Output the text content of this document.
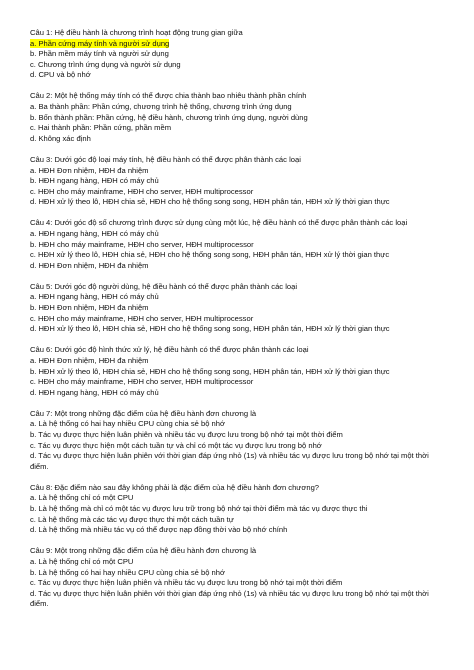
Câu 1: Hệ điều hành là chương trình hoạt động trung gian giữa
a. Phần cứng máy tính và người sử dụng
b. Phần mềm máy tính và người sử dụng
c. Chương trình ứng dụng và người sử dụng
d. CPU và bộ nhớ
Câu 2: Một hệ thống máy tính có thể được chia thành bao nhiêu thành phần chính
a. Ba thành phần: Phần cứng, chương trình hệ thống, chương trình ứng dụng
b. Bốn thành phần: Phần cứng, hệ điều hành, chương trình ứng dụng, người dùng
c. Hai thành phần: Phần cứng, phần mềm
d. Không xác định
Câu 3: Dưới góc độ loại máy tính, hệ điều hành có thể được phân thành các loại
a. HĐH Đơn nhiệm, HĐH đa nhiệm
b. HĐH ngang hàng, HĐH có máy chủ
c. HĐH cho máy mainframe, HĐH cho server, HĐH multiprocessor
d. HĐH xử lý theo lô, HĐH chia sẻ, HĐH cho hệ thống song song, HĐH phân tán, HĐH xử lý thời gian thực
Câu 4: Dưới góc độ số chương trình được sử dụng cùng một lúc, hệ điều hành có thể được phân thành các loại
a. HĐH ngang hàng, HĐH có máy chủ
b. HĐH cho máy mainframe, HĐH cho server, HĐH multiprocessor
c. HĐH xử lý theo lô, HĐH chia sẻ, HĐH cho hệ thống song song, HĐH phân tán, HĐH xử lý thời gian thực
d. HĐH Đơn nhiệm, HĐH đa nhiệm
Câu 5: Dưới góc độ người dùng, hệ điều hành có thể được phân thành các loại
a. HĐH ngang hàng, HĐH có máy chủ
b. HĐH Đơn nhiệm, HĐH đa nhiệm
c. HĐH cho máy mainframe, HĐH cho server, HĐH multiprocessor
d. HĐH xử lý theo lô, HĐH chia sẻ, HĐH cho hệ thống song song, HĐH phân tán, HĐH xử lý thời gian thực
Câu 6: Dưới góc độ hình thức xử lý, hệ điều hành có thể được phân thành các loại
a. HĐH Đơn nhiệm, HĐH đa nhiệm
b. HĐH xử lý theo lô, HĐH chia sẻ, HĐH cho hệ thống song song, HĐH phân tán, HĐH xử lý thời gian thực
c. HĐH cho máy mainframe, HĐH cho server, HĐH multiprocessor
d. HĐH ngang hàng, HĐH có máy chủ
Câu 7: Một trong những đặc điểm của hệ điều hành đơn chương là
a. Là hệ thống có hai hay nhiều CPU cùng chia sẻ bộ nhớ
b. Tác vụ được thực hiện luân phiên và nhiều tác vụ được lưu trong bộ nhớ tại một thời điểm
c. Tác vụ được thực hiện một cách tuần tự và chỉ có một tác vụ được lưu trong bộ nhớ
d. Tác vụ được thực hiện luân phiên với thời gian đáp ứng nhỏ (1s) và nhiều tác vụ được lưu trong bộ nhớ tại một thời điểm.
Câu 8: Đặc điểm nào sau đây không phải là đặc điểm của hệ điều hành đơn chương?
a. Là hệ thống chỉ có một CPU
b. Là hệ thống mà chỉ có một tác vụ được lưu trữ trong bộ nhớ tại thời điểm mà tác vụ được thực thi
c. Là hệ thống mà các tác vụ được thực thi một cách tuần tự
d. Là hệ thống mà nhiều tác vụ có thể được nạp đồng thời vào bộ nhớ chính
Câu 9: Một trong những đặc điểm của hệ điều hành đơn chương là
a. Là hệ thống chỉ có một CPU
b. Là hệ thống có hai hay nhiều CPU cùng chia sẻ bộ nhớ
c. Tác vụ được thực hiện luân phiên và nhiều tác vụ được lưu trong bộ nhớ tại một thời điểm
d. Tác vụ được thực hiện luân phiên với thời gian đáp ứng nhỏ (1s) và nhiều tác vụ được lưu trong bộ nhớ tại một thời điểm.
